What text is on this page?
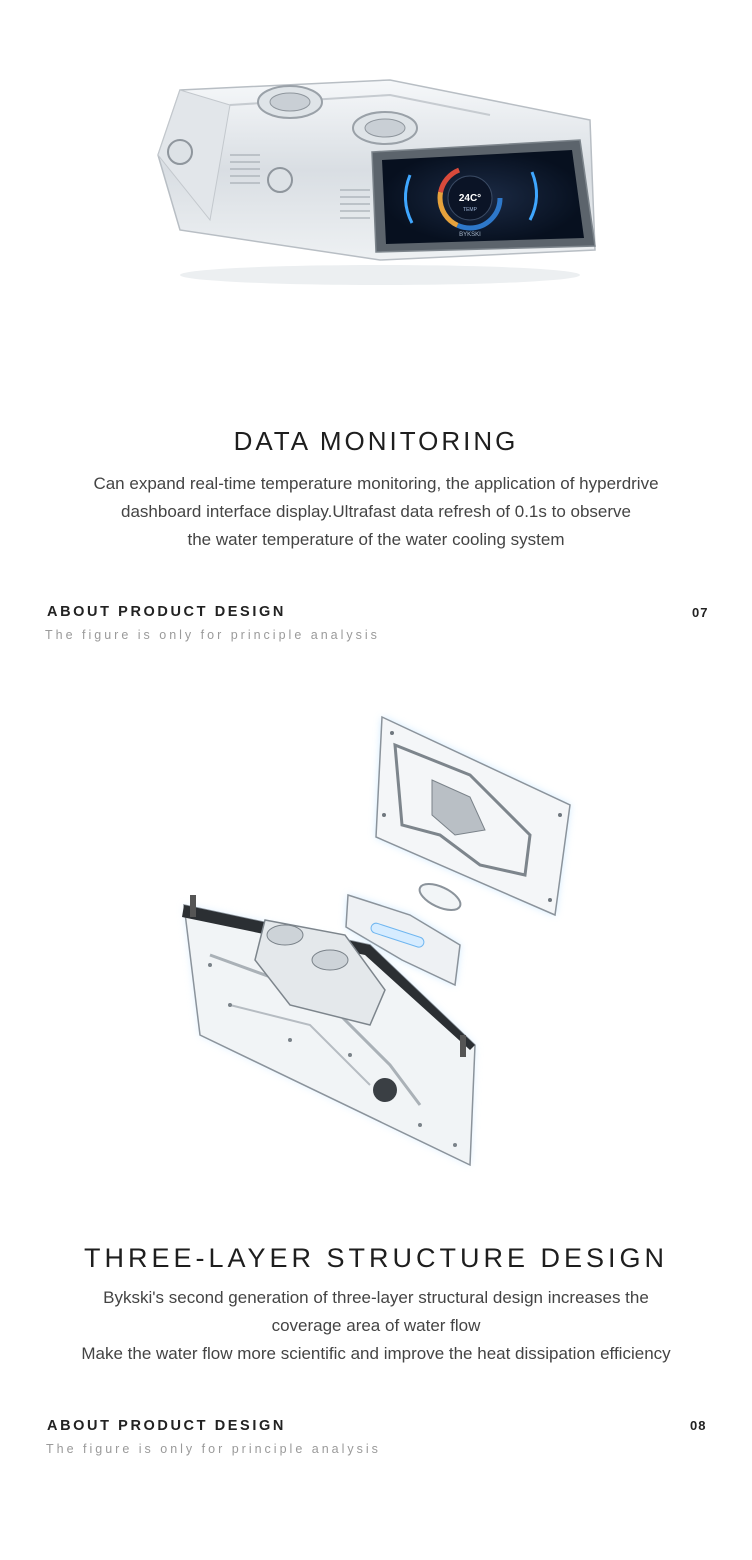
24C°
TEMP
BYKSKI
DATA MONITORING
Can expand real-time temperature monitoring, the application of hyperdrive
dashboard interface display.Ultrafast data refresh of 0.1s to observe
the water temperature of the water cooling system
ABOUT PRODUCT DESIGN	07
The figure is only for principle analysis
THREE-LAYER STRUCTURE DESIGN
Bykski's second generation of three-layer structural design increases the
coverage area of water flow
Make the water flow more scientific and improve the heat dissipation efficiency
ABOUT PRODUCT DESIGN	08
The figure is only for principle analysis
